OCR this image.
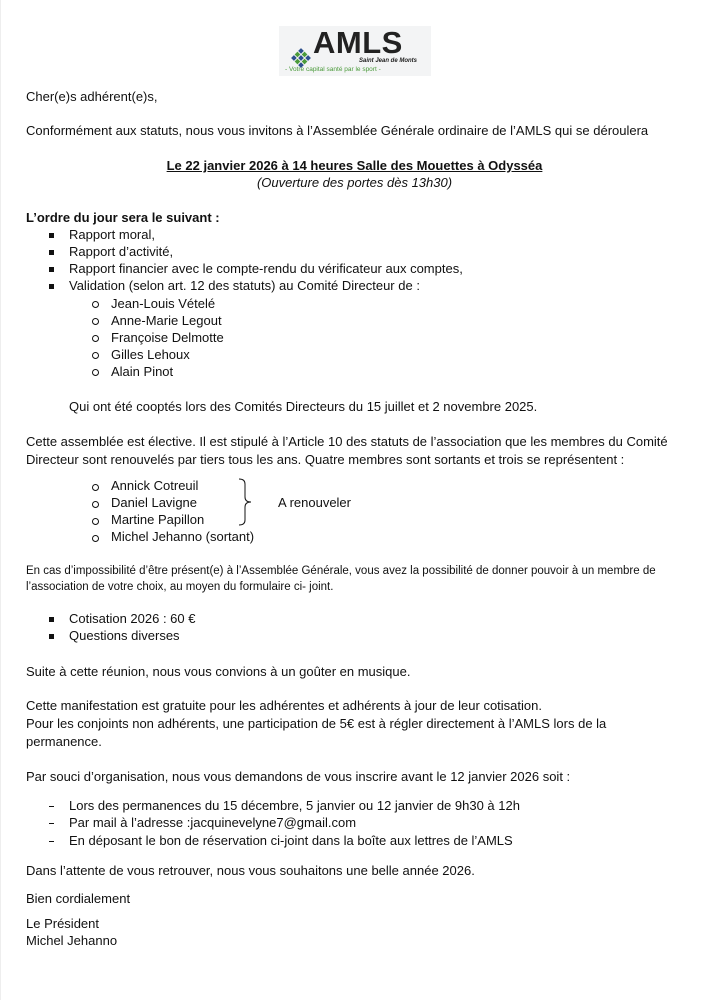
AMLS
Saint Jean de Monts
- Votre capital santé par le sport -
Cher(e)s adhérent(e)s,
Conformément aux statuts, nous vous invitons à l’Assemblée Générale ordinaire de l’AMLS qui se déroulera
Le 22 janvier 2026 à 14 heures Salle des Mouettes à Odysséa
(Ouverture des portes dès 13h30)
L’ordre du jour sera le suivant :
Rapport moral,
Rapport d’activité,
Rapport financier avec le compte-rendu du vérificateur aux comptes,
Validation (selon art. 12 des statuts) au Comité Directeur de :
Jean-Louis Vételé
Anne-Marie Legout
Françoise Delmotte
Gilles Lehoux
Alain Pinot
Qui ont été cooptés lors des Comités Directeurs du 15 juillet et 2 novembre 2025.
Cette assemblée est élective. Il est stipulé à l’Article 10 des statuts de l’association que les membres du Comité
Directeur sont renouvelés par tiers tous les ans. Quatre membres sont sortants et trois se représentent :
Annick Cotreuil
Daniel Lavigne
Martine Papillon
Michel Jehanno (sortant)
A renouveler
En cas d’impossibilité d’être présent(e) à l’Assemblée Générale, vous avez la possibilité de donner pouvoir à un membre de
l’association de votre choix, au moyen du formulaire ci- joint.
Cotisation 2026 : 60 €
Questions diverses
Suite à cette réunion, nous vous convions à un goûter en musique.
Cette manifestation est gratuite pour les adhérentes et adhérents à jour de leur cotisation.
Pour les conjoints non adhérents, une participation de 5€ est à régler directement à l’AMLS lors de la
permanence.
Par souci d’organisation, nous vous demandons de vous inscrire avant le 12 janvier 2026 soit :
Lors des permanences du 15 décembre, 5 janvier ou 12 janvier de 9h30 à 12h
Par mail à l’adresse :jacquinevelyne7@gmail.com
En déposant le bon de réservation ci-joint dans la boîte aux lettres de l’AMLS
Dans l’attente de vous retrouver, nous vous souhaitons une belle année 2026.
Bien cordialement
Le Président
Michel Jehanno
